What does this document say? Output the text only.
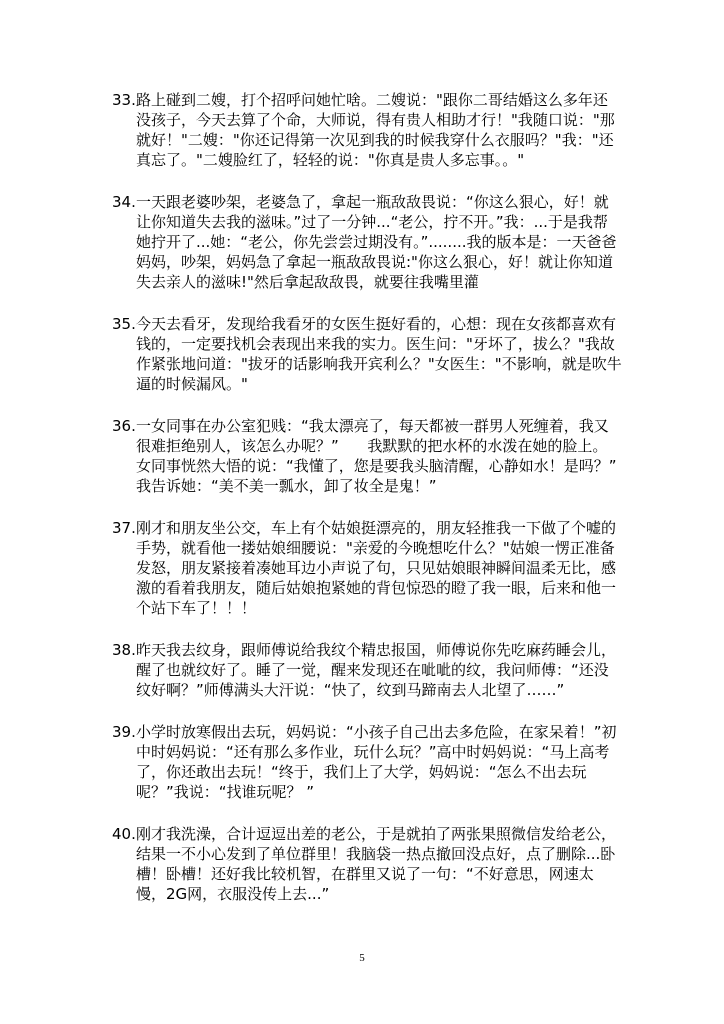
33. 路上碰到二嫂，打个招呼问她忙啥。二嫂说："跟你二哥结婚这么多年还没孩子，今天去算了个命，大师说，得有贵人相助才行！"我随口说："那就好！"二嫂："你还记得第一次见到我的时候我穿什么衣服吗？"我："还真忘了。"二嫂脸红了，轻轻的说："你真是贵人多忘事。。"
34. 一天跟老婆吵架，老婆急了，拿起一瓶敌敌畏说：“你这么狠心，好！就让你知道失去我的滋味。”过了一分钟...“老公，拧不开。”我：...于是我帮她拧开了...她：“老公，你先尝尝过期没有。”........我的版本是：一天爸爸妈妈，吵架，妈妈急了拿起一瓶敌敌畏说:"你这么狠心，好！就让你知道失去亲人的滋味!"然后拿起敌敌畏，就要往我嘴里灌
35. 今天去看牙，发现给我看牙的女医生挺好看的，心想：现在女孩都喜欢有钱的，一定要找机会表现出来我的实力。医生问："牙坏了，拔么？"我故作紧张地问道："拔牙的话影响我开宾利么？"女医生："不影响，就是吹牛逼的时候漏风。"
36. 一女同事在办公室犯贱：“我太漂亮了，每天都被一群男人死缠着，我又很难拒绝别人，该怎么办呢？”      我默默的把水杯的水泼在她的脸上。      女同事恍然大悟的说：“我懂了，您是要我头脑清醒，心静如水！是吗？”  我告诉她：“美不美一瓢水，卸了妆全是鬼！”
37. 刚才和朋友坐公交，车上有个姑娘挺漂亮的，朋友轻推我一下做了个嘘的手势，就看他一搂姑娘细腰说："亲爱的今晚想吃什么？"姑娘一愣正准备发怒，朋友紧接着凑她耳边小声说了句，只见姑娘眼神瞬间温柔无比，感激的看着我朋友，随后姑娘抱紧她的背包惊恐的瞪了我一眼，后来和他一个站下车了！！！
38. 昨天我去纹身，跟师傅说给我纹个精忠报国，师傅说你先吃麻药睡会儿，醒了也就纹好了。睡了一觉，醒来发现还在呲呲的纹，我问师傅：“还没纹好啊？”师傅满头大汗说：“快了，纹到马蹄南去人北望了……”
39. 小学时放寒假出去玩，妈妈说：“小孩子自己出去多危险，在家呆着！”初中时妈妈说：“还有那么多作业，玩什么玩？”高中时妈妈说：“马上高考了，你还敢出去玩！“终于，我们上了大学，妈妈说：“怎么不出去玩呢？”我说：“找谁玩呢？ ”
40. 刚才我洗澡，合计逗逗出差的老公，于是就拍了两张果照微信发给老公，结果一不小心发到了单位群里！我脑袋一热点撤回没点好，点了删除...卧槽！卧槽！还好我比较机智，在群里又说了一句：“不好意思，网速太慢，2G网，衣服没传上去...”
5
